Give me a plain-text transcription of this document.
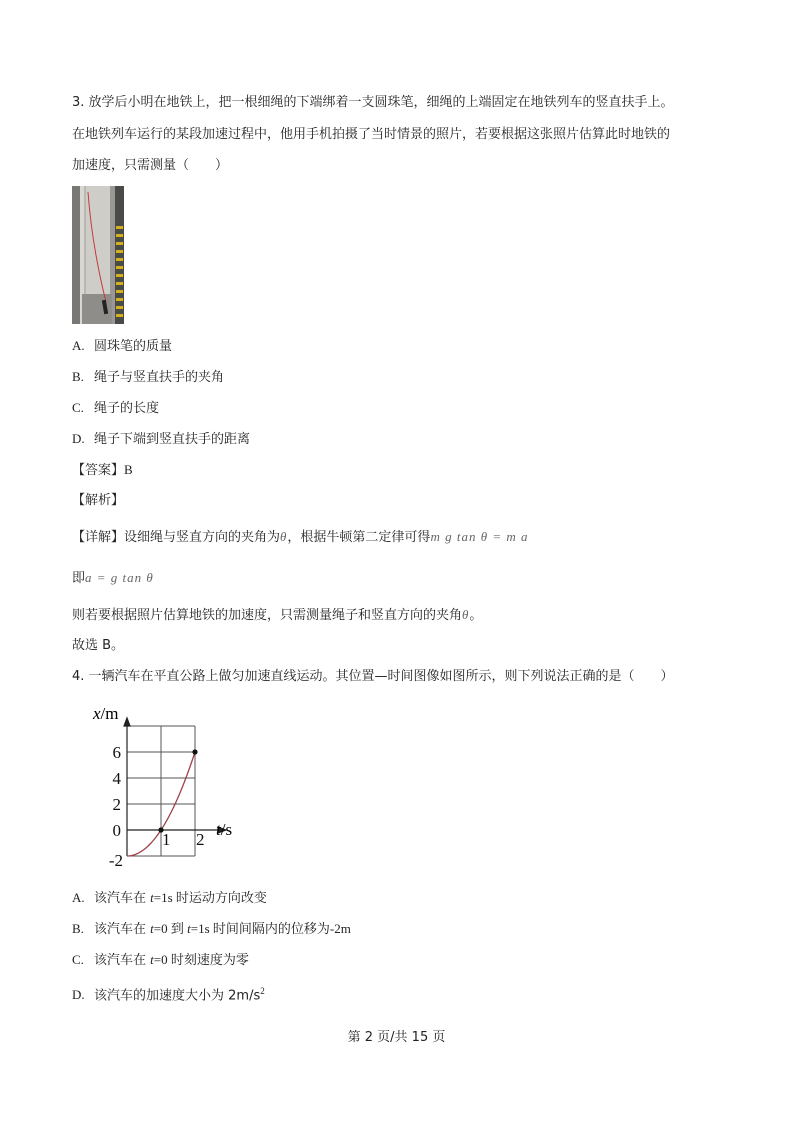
3. 放学后小明在地铁上，把一根细绳的下端绑着一支圆珠笔，细绳的上端固定在地铁列车的竖直扶手上。
在地铁列车运行的某段加速过程中，他用手机拍摄了当时情景的照片，若要根据这张照片估算此时地铁的
加速度，只需测量（　　）
A. 圆珠笔的质量
B. 绳子与竖直扶手的夹角
C. 绳子的长度
D. 绳子下端到竖直扶手的距离
【答案】B
【解析】
【详解】设细绳与竖直方向的夹角为θ，根据牛顿第二定律可得m g tan θ = m a
即a = g tan θ
则若要根据照片估算地铁的加速度，只需测量绳子和竖直方向的夹角θ。
故选 B。
4. 一辆汽车在平直公路上做匀加速直线运动。其位置—时间图像如图所示，则下列说法正确的是（　　）
6
4
2
0
-2
1 2
x/m
t/s
A. 该汽车在 t=1s 时运动方向改变
B. 该汽车在 t=0 到 t=1s 时间间隔内的位移为-2m
C. 该汽车在 t=0 时刻速度为零
D. 该汽车的加速度大小为 $2m/s^2$
第 2 页/共 15 页
